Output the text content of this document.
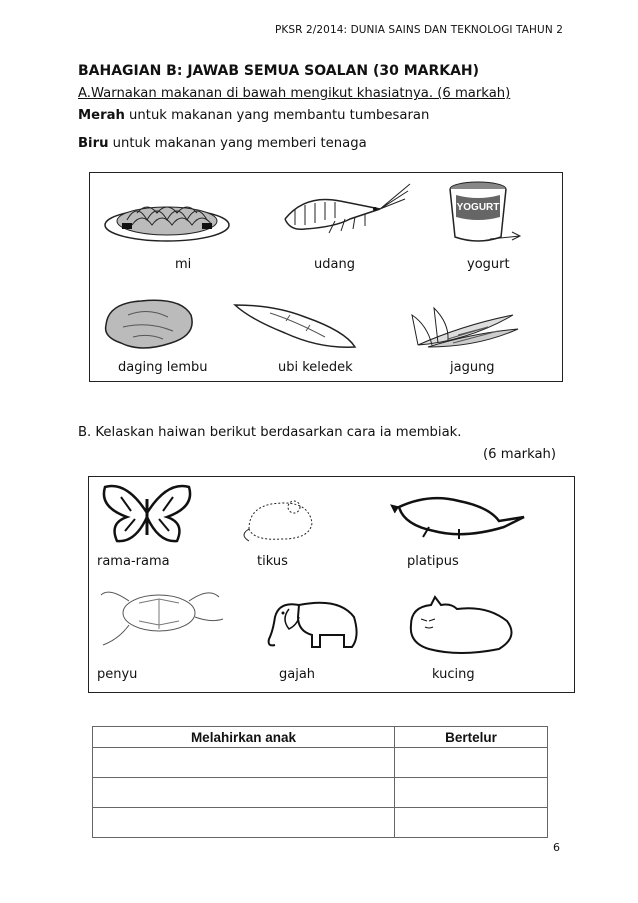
PKSR 2/2014: DUNIA SAINS DAN TEKNOLOGI TAHUN 2
BAHAGIAN B: JAWAB SEMUA SOALAN (30 MARKAH)
A.Warnakan makanan di bawah mengikut khasiatnya. (6 markah)
Merah untuk makanan yang membantu tumbesaran
Biru untuk makanan yang memberi tenaga
YOGURT
mi	udang	yogurt
daging lembu	ubi keledek	jagung
B. Kelaskan haiwan berikut berdasarkan cara ia membiak.
(6 markah)
rama-rama	tikus	platipus
penyu	gajah	kucing
Melahirkan anak	Bertelur

6
